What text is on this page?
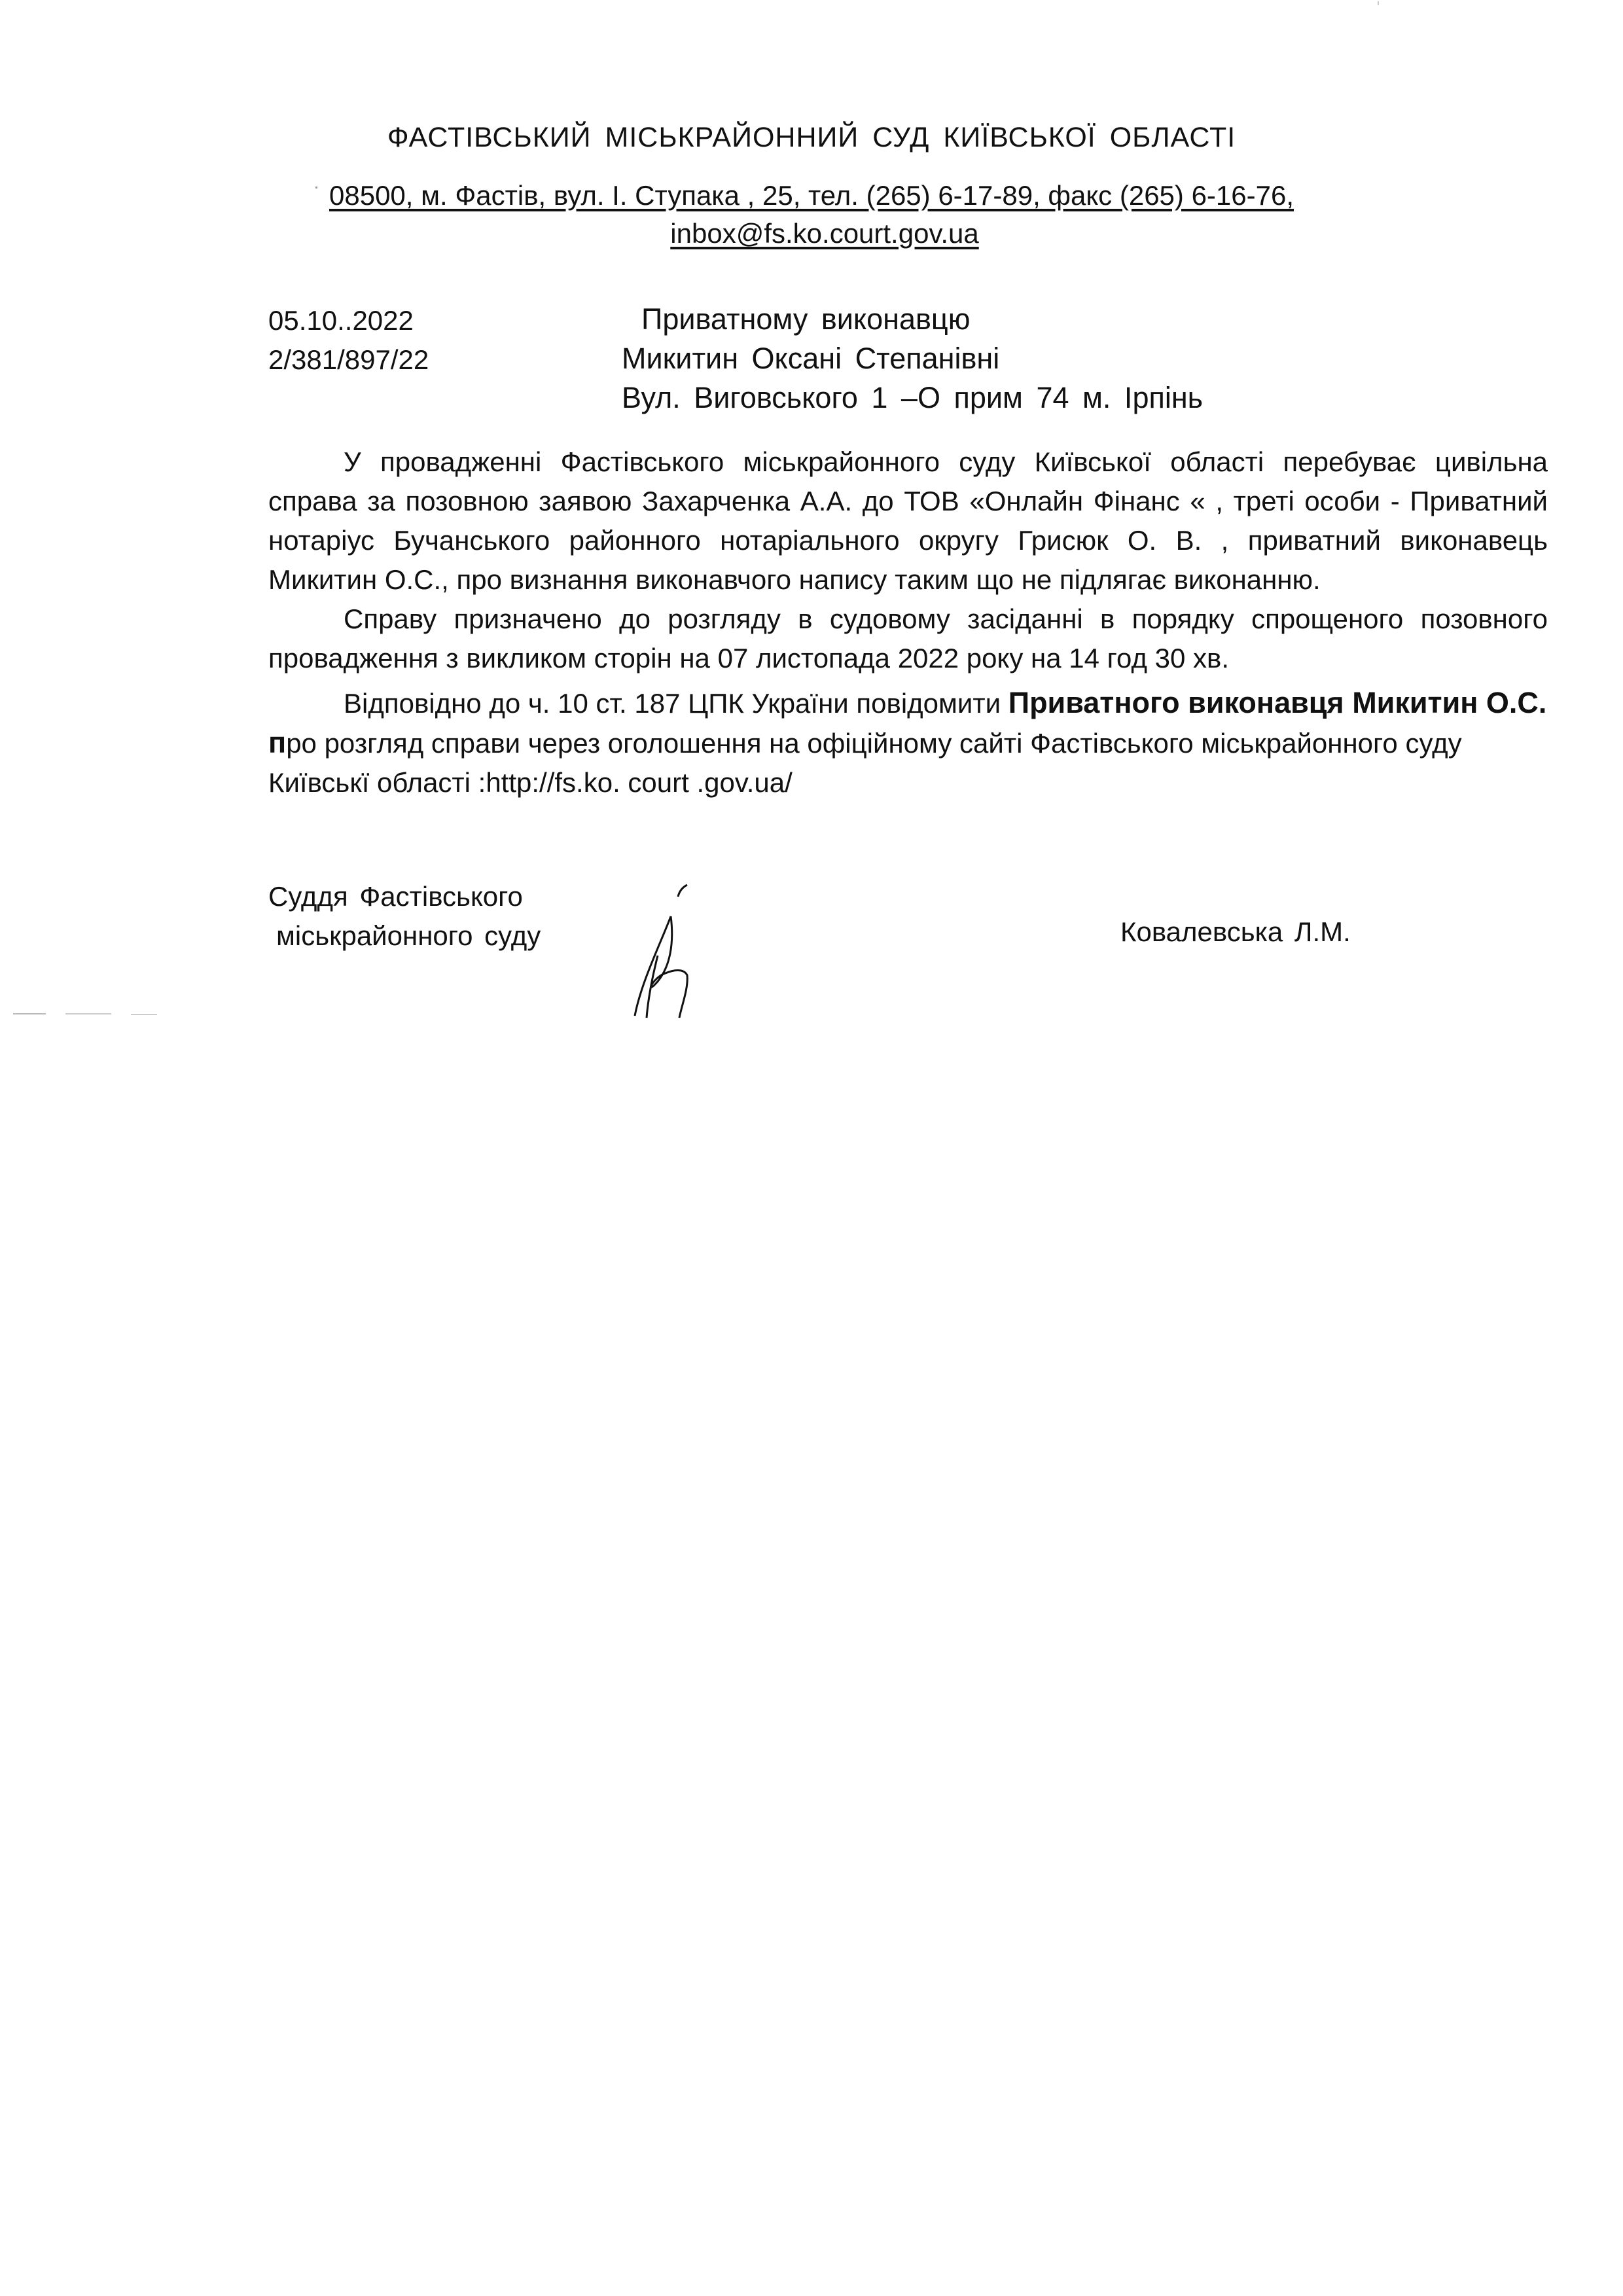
ФАСТІВСЬКИЙ МІСЬКРАЙОННИЙ СУД КИЇВСЬКОЇ ОБЛАСТІ
08500, м. Фастів, вул. І. Ступака , 25, тел. (265) 6-17-89, факс (265) 6-16-76,
inbox@fs.ko.court.gov.ua
05.10..2022
2/381/897/22
Приватному виконавцю
Микитин Оксані Степанівні
Вул. Виговського 1 –О прим 74 м. Ірпінь

У провадженні Фастівського міськрайонного суду Київської області перебуває цивільна справа за позовною заявою Захарченка А.А. до ТОВ «Онлайн Фінанс « , треті особи - Приватний нотаріус Бучанського районного нотаріального округу Грисюк О. В. , приватний виконавець Микитин О.С., про визнання виконавчого напису таким що не підлягає виконанню.

Справу призначено до розгляду в судовому засіданні в порядку спрощеного позовного провадження з викликом сторін на 07 листопада 2022 року на 14 год 30 хв.

Відповідно до ч. 10 ст. 187 ЦПК України повідомити Приватного виконавця Микитин О.С. про розгляд справи через оголошення на офіційному сайті Фастівського міськрайонного суду Київськї області :http://fs.ko. court .gov.ua/

Суддя Фастівського
міськрайонного суду	Ковалевська Л.М.
